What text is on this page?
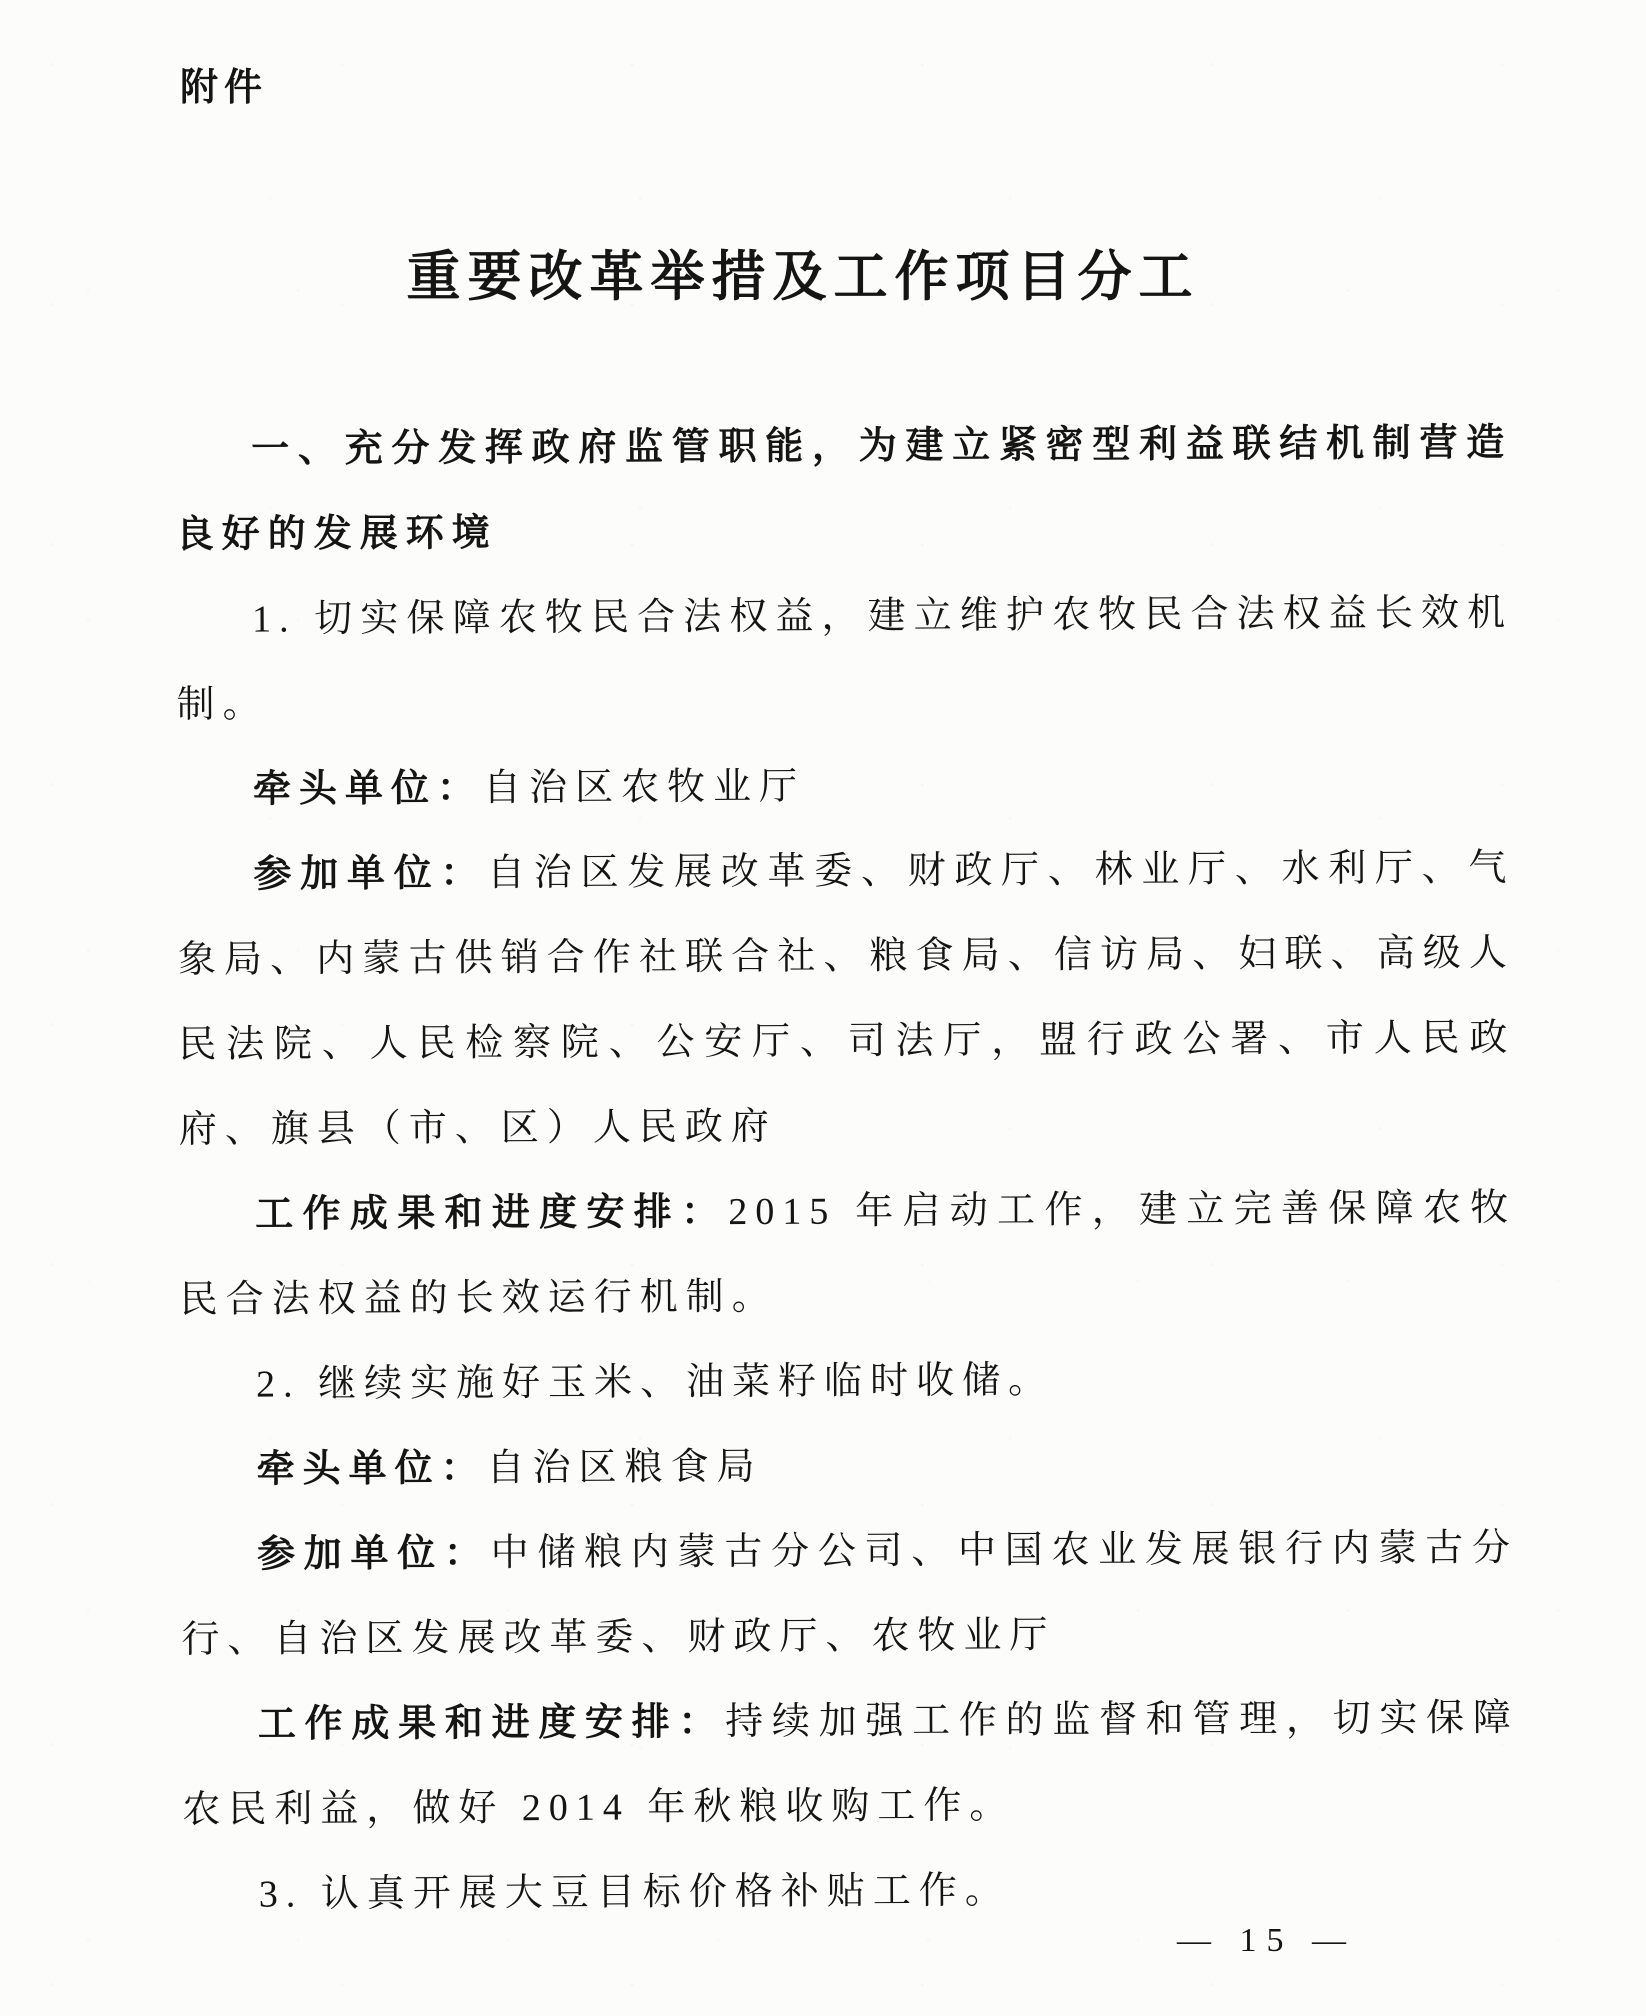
附件
重要改革举措及工作项目分工

一、充分发挥政府监管职能，为建立紧密型利益联结机制营造良好的发展环境

1. 切实保障农牧民合法权益，建立维护农牧民合法权益长效机制。

牵头单位：自治区农牧业厅

参加单位：自治区发展改革委、财政厅、林业厅、水利厅、气象局、内蒙古供销合作社联合社、粮食局、信访局、妇联、高级人民法院、人民检察院、公安厅、司法厅，盟行政公署、市人民政府、旗县（市、区）人民政府

工作成果和进度安排：2015 年启动工作，建立完善保障农牧民合法权益的长效运行机制。

2. 继续实施好玉米、油菜籽临时收储。

牵头单位：自治区粮食局

参加单位：中储粮内蒙古分公司、中国农业发展银行内蒙古分行、自治区发展改革委、财政厅、农牧业厅

工作成果和进度安排：持续加强工作的监督和管理，切实保障农民利益，做好 2014 年秋粮收购工作。

3. 认真开展大豆目标价格补贴工作。

— 15 —
